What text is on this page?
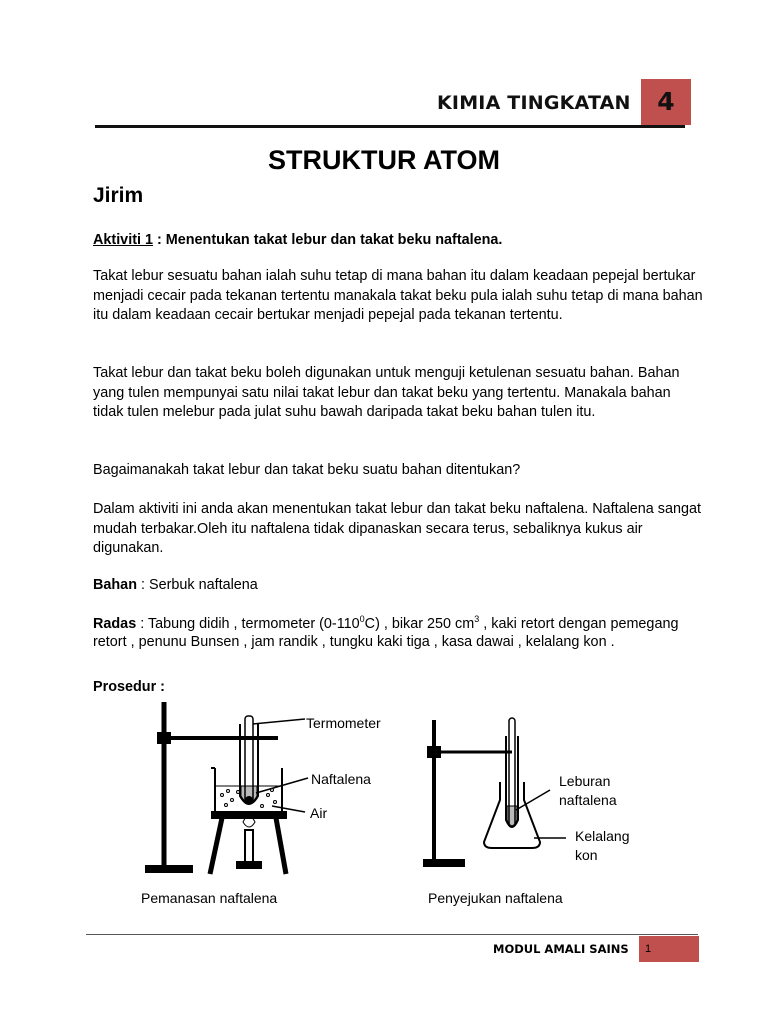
KIMIA TINGKATAN	4
STRUKTUR ATOM
Jirim

Aktiviti 1 : Menentukan takat lebur dan takat beku naftalena.

Takat lebur sesuatu bahan ialah suhu tetap di mana bahan itu dalam keadaan pepejal bertukar menjadi cecair pada tekanan tertentu manakala takat beku pula ialah suhu tetap di mana bahan itu dalam keadaan cecair bertukar menjadi pepejal pada tekanan tertentu.

Takat lebur dan takat beku boleh digunakan untuk menguji ketulenan sesuatu bahan. Bahan yang tulen mempunyai satu nilai takat lebur dan takat beku yang tertentu. Manakala bahan tidak tulen melebur pada julat suhu bawah daripada takat beku bahan tulen itu.

Bagaimanakah takat lebur dan takat beku suatu bahan ditentukan?

Dalam aktiviti ini anda akan menentukan takat lebur dan takat beku naftalena. Naftalena sangat mudah terbakar.Oleh itu naftalena tidak dipanaskan secara terus, sebaliknya kukus air digunakan.

Bahan : Serbuk naftalena

Radas : Tabung didih , termometer $(0-110^0C)$ , bikar 250 $cm^3$ , kaki retort dengan pemegang retort , penunu Bunsen , jam randik , tungku kaki tiga , kasa dawai , kelalang kon .

Prosedur :

Termometer
Naftalena
Air
Leburan
naftalena
Kelalang
kon
Pemanasan naftalena	Penyejukan naftalena
MODUL AMALI SAINS	1
